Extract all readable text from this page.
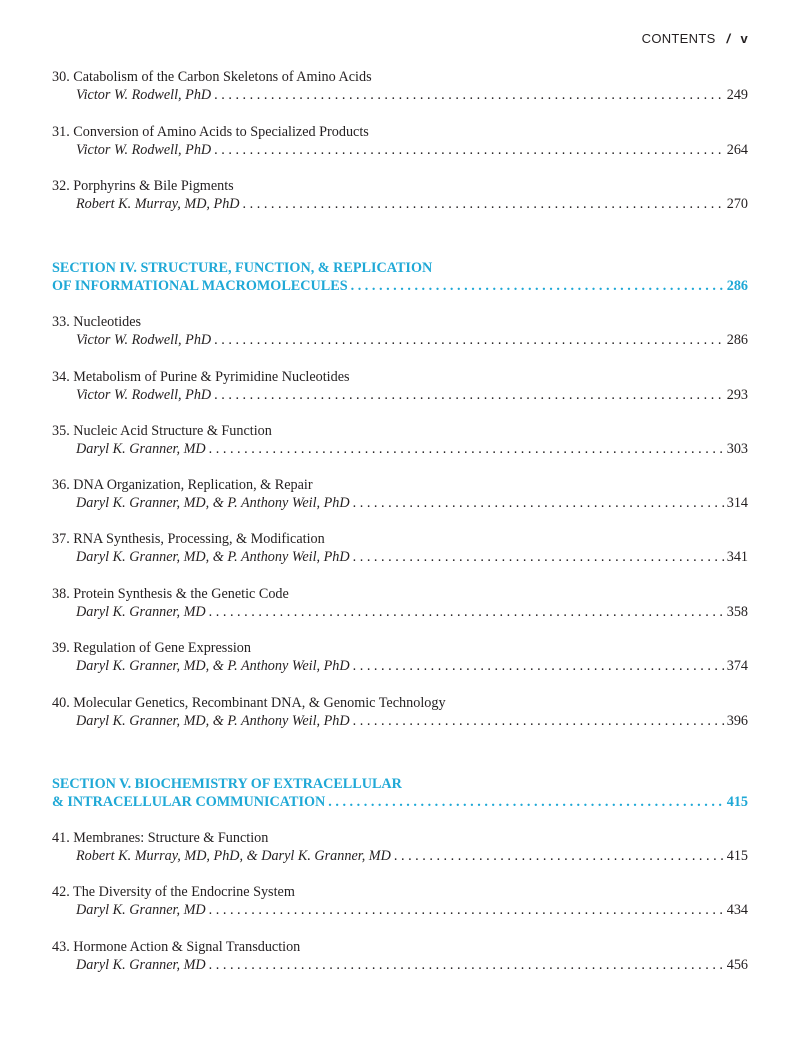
CONTENTS / v
30. Catabolism of the Carbon Skeletons of Amino Acids
Victor W. Rodwell, PhD . . .	249
31. Conversion of Amino Acids to Specialized Products
Victor W. Rodwell, PhD . . .	264
32. Porphyrins & Bile Pigments
Robert K. Murray, MD, PhD . . .	270
SECTION IV. STRUCTURE, FUNCTION, & REPLICATION
OF INFORMATIONAL MACROMOLECULES . . .	286
33. Nucleotides
Victor W. Rodwell, PhD . . .	286
34. Metabolism of Purine & Pyrimidine Nucleotides
Victor W. Rodwell, PhD . . .	293
35. Nucleic Acid Structure & Function
Daryl K. Granner, MD . . .	303
36. DNA Organization, Replication, & Repair
Daryl K. Granner, MD, & P. Anthony Weil, PhD . . .	314
37. RNA Synthesis, Processing, & Modification
Daryl K. Granner, MD, & P. Anthony Weil, PhD . . .	341
38. Protein Synthesis & the Genetic Code
Daryl K. Granner, MD . . .	358
39. Regulation of Gene Expression
Daryl K. Granner, MD, & P. Anthony Weil, PhD . . .	374
40. Molecular Genetics, Recombinant DNA, & Genomic Technology
Daryl K. Granner, MD, & P. Anthony Weil, PhD . . .	396
SECTION V. BIOCHEMISTRY OF EXTRACELLULAR
& INTRACELLULAR COMMUNICATION . . .	415
41. Membranes: Structure & Function
Robert K. Murray, MD, PhD, & Daryl K. Granner, MD . . .	415
42. The Diversity of the Endocrine System
Daryl K. Granner, MD . . .	434
43. Hormone Action & Signal Transduction
Daryl K. Granner, MD . . .	456
